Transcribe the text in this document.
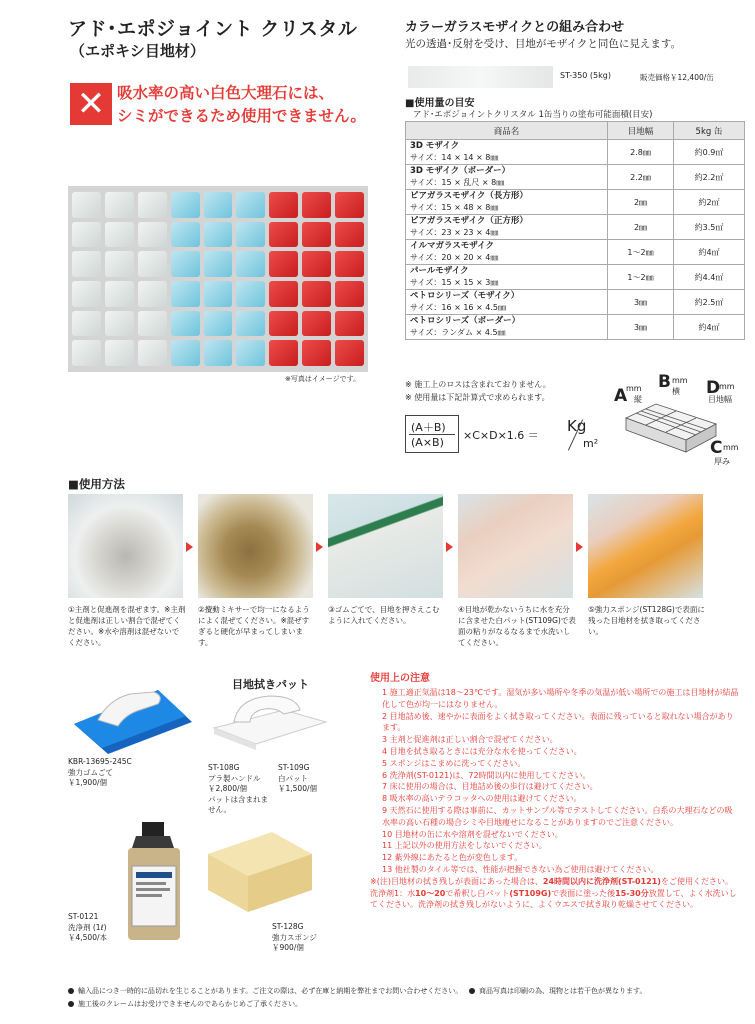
アド･エポジョイント クリスタル
（エポキシ目地材）
✕ 吸水率の高い白色大理石には、
シミができるため使用できません。
※写真はイメージです。
カラーガラスモザイクとの組み合わせ
光の透過･反射を受け、目地がモザイクと同色に見えます。
ST-350 (5kg)	販売価格￥12,400/缶
■使用量の目安
アド･エポジョイントクリスタル 1缶当りの塗布可能面積(目安)
商品名	目地幅	5kg 缶

3D モザイク
サイズ：14 × 14 × 8㎜	2.8㎜	約0.9㎡

3D モザイク（ボーダー）
サイズ：15 × 乱尺 × 8㎜	2.2㎜	約2.2㎡

ピアガラスモザイク（長方形）
サイズ：15 × 48 × 8㎜	2㎜	約2㎡

ピアガラスモザイク（正方形）
サイズ：23 × 23 × 4㎜	2㎜	約3.5㎡

イルマガラスモザイク
サイズ：20 × 20 × 4㎜	1〜2㎜	約4㎡

パールモザイク
サイズ：15 × 15 × 3㎜	1〜2㎜	約4.4㎡

ペトロシリーズ（モザイク）
サイズ：16 × 16 × 4.5㎜	3㎜	約2.5㎡

ペトロシリーズ（ボーダー）
サイズ：ランダム × 4.5㎜	3㎜	約4㎡
※ 施工上のロスは含まれておりません。
※ 使用量は下記計算式で求められます。
(A＋B)
(A×B)
×C×D×1.6 ＝
Kg
m²
A
mm
縦
B mm
横 D
mm
目地幅
C mm
厚み
■使用方法
①主剤と促進剤を混ぜます。※主剤と促進剤は正しい割合で混ぜてください。※水や溶剤は混ぜないでください。
②攪動ミキサーで均一になるようによく混ぜてください。※混ぜすぎると硬化が早まってしまいます。
③ゴムごてで、目地を押さえこむように入れてください。
④目地が乾かないうちに水を充分に含ませた白パット(ST109G)で表面の粘りがなるなるまで水洗いしてください。
⑤強力スポンジ(ST128G)で表面に残った目地材を拭き取ってください。
目地拭きパット
KBR-13695-245C
強力ゴムごて
￥1,900/個
ST-108G
プラ製ハンドル
￥2,800/個
パットは含まれません。
ST-109G
白パット
￥1,500/個
ST-0121
洗浄剤 (1ℓ)
￥4,500/本
ST-128G
強力スポンジ
￥900/個
使用上の注意
1 施工適正気温は18〜23℃です。湿気が多い場所や冬季の気温が低い場所での施工は目地材が結晶化して色が均一にはなりません。
2 目地詰め後、速やかに表面をよく拭き取ってください。表面に残っていると取れない場合があります。
3 主剤と促進剤は正しい割合で混ぜてください。
4 目地を拭き取るときには充分な水を使ってください。
5 スポンジはこまめに洗ってください。
6 洗浄剤(ST-0121)は、72時間以内に使用してください。
7 床に使用の場合は、目地詰め後の歩行は避けてください。
8 吸水率の高いテラコッタへの使用は避けてください。
9 天然石に使用する際は事前に、カットサンプル等でテストしてください。白系の大理石などの吸水率の高い石種の場合シミや目地痩せになることがありますのでご注意ください。
10 目地材の缶に水や溶剤を混ぜないでください。
11 上記以外の使用方法をしないでください。
12 紫外線にあたると色が変色します。
13 他社製のタイル等では、性能が把握できない為ご使用は避けてください。
※(注)目地材の拭き残しが表面にあった場合は、24時間以内に洗浄剤(ST-0121)をご使用ください。洗浄剤1：水10〜20で希釈し白パット(ST109G)で表面に塗った後15-30分放置して、よく水洗いしてください。洗浄剤の拭き残しがないように、よくウエスで拭き取り乾燥させてください。
輸入品につき一時的に品切れを生じることがあります。ご注文の際は、必ず在庫と納期を弊社までお問い合わせください。 商品写真は印刷の為、現物とは若干色が異なります。
施工後のクレームはお受けできませんのであらかじめご了承ください。
